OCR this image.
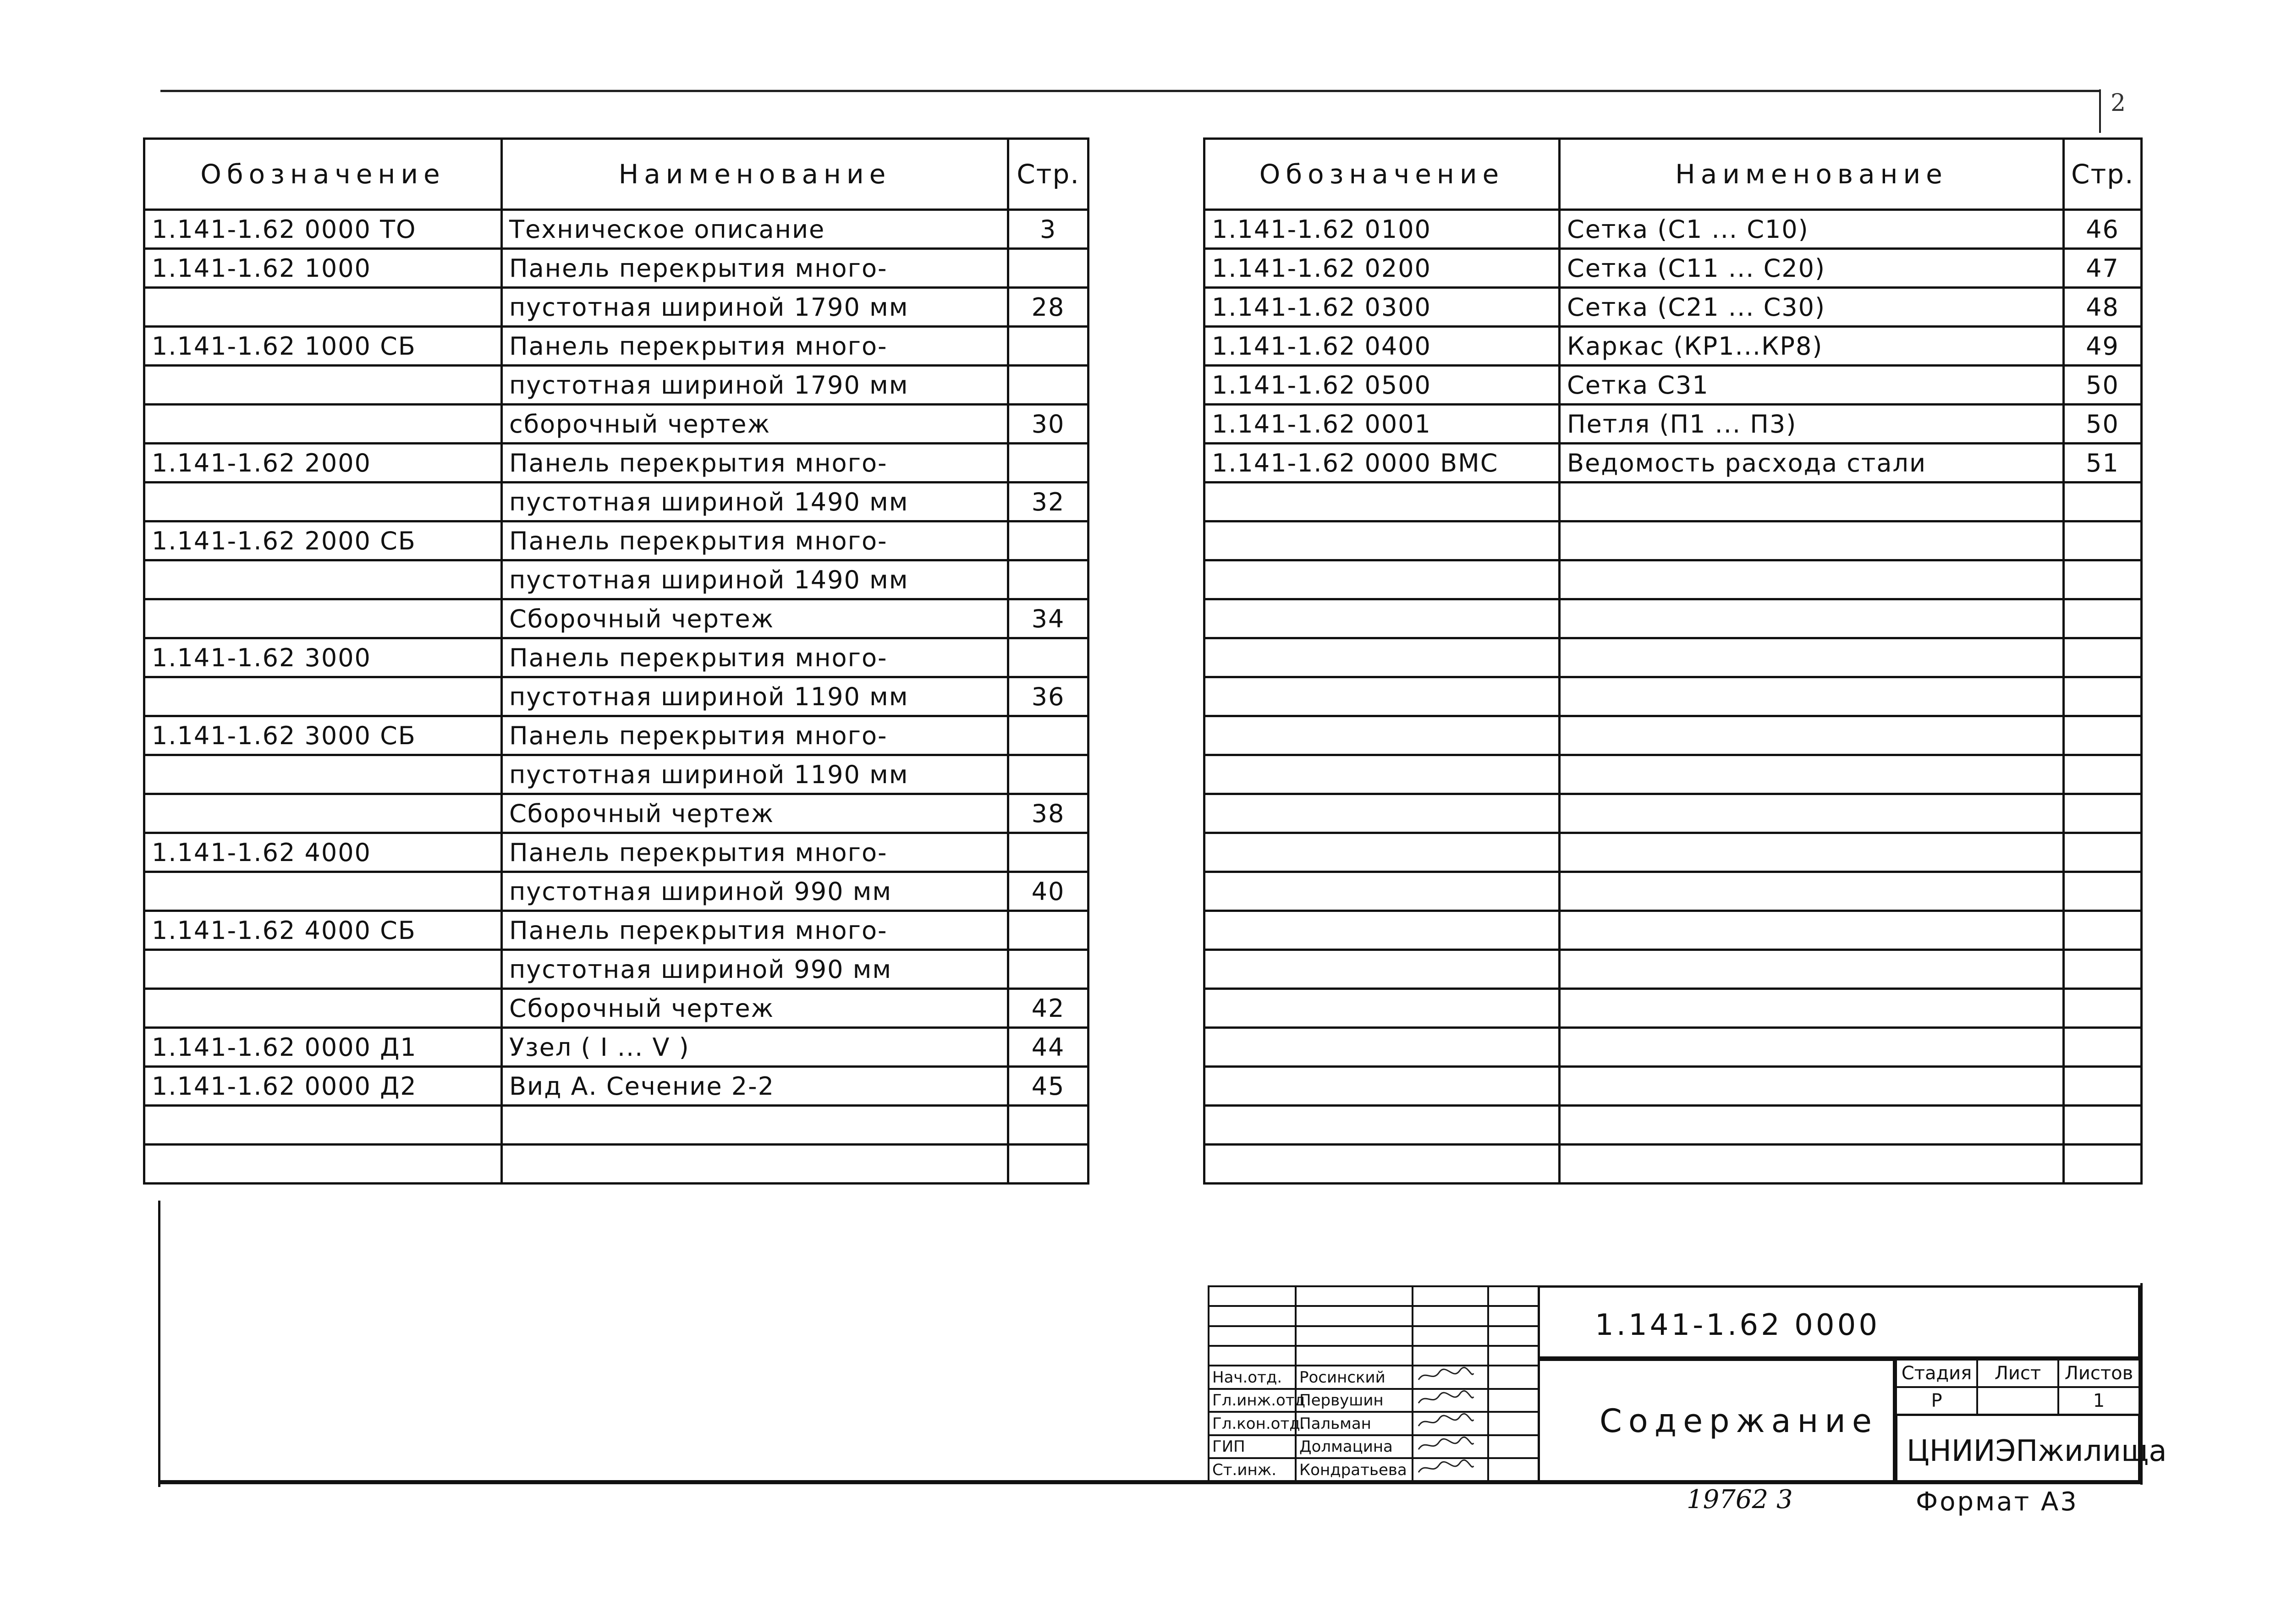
2
Обозначение	Наименование	Стр.
1.141-1.62 0000 ТО	Техническое описание	3
1.141-1.62 1000	Панель перекрытия много-	
	пустотная шириной 1790 мм	28
1.141-1.62 1000 СБ	Панель перекрытия много-	
	пустотная шириной 1790 мм	
	сборочный чертеж	30
1.141-1.62 2000	Панель перекрытия много-	
	пустотная шириной 1490 мм	32
1.141-1.62 2000 СБ	Панель перекрытия много-	
	пустотная шириной 1490 мм	
	Сборочный чертеж	34
1.141-1.62 3000	Панель перекрытия много-	
	пустотная шириной 1190 мм	36
1.141-1.62 3000 СБ	Панель перекрытия много-	
	пустотная шириной 1190 мм	
	Сборочный чертеж	38
1.141-1.62 4000	Панель перекрытия много-	
	пустотная шириной 990 мм	40
1.141-1.62 4000 СБ	Панель перекрытия много-	
	пустотная шириной 990 мм	
	Сборочный чертеж	42
1.141-1.62 0000 Д1	Узел ( I ... V )	44
1.141-1.62 0000 Д2	Вид А. Сечение 2-2	45

Обозначение	Наименование	Стр.
1.141-1.62 0100	Сетка (С1 ... С10)	46
1.141-1.62 0200	Сетка (С11 ... С20)	47
1.141-1.62 0300	Сетка (С21 ... С30)	48
1.141-1.62 0400	Каркас (КР1...КР8)	49
1.141-1.62 0500	Сетка С31	50
1.141-1.62 0001	Петля (П1 ... П3)	50
1.141-1.62 0000 ВМС	Ведомость расхода стали	51

Нач.отд.	Росинский		
Гл.инж.отд	Первушин		
Гл.кон.отд.	Пальман		
ГИП	Долмацина		
Ст.инж.	Кондратьева		
1.141-1.62 0000
Содержание
Стадия	Лист	Листов
Р		1
ЦНИИЭПжилища
19762 3	Формат А3
